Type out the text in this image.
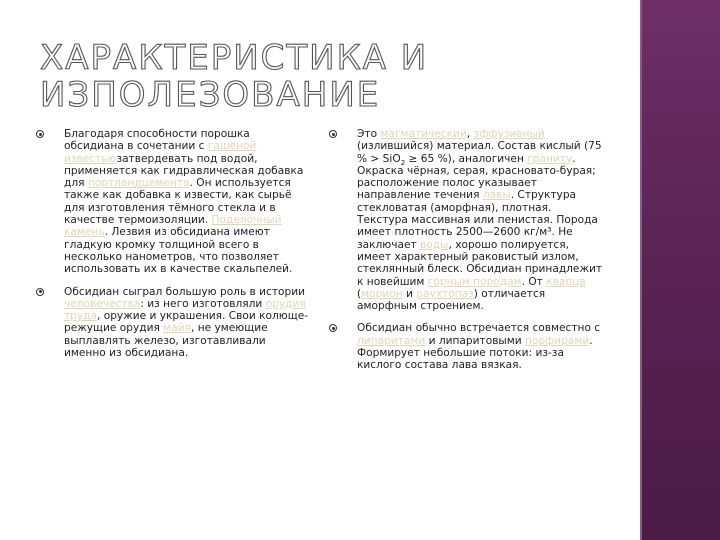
ХАРАКТЕРИСТИКА И
ИЗПОЛЕЗОВАНИЕ
Благодаря способности порошка обсидиана в сочетании с гашеной известьюзатвердевать под водой, применяется как гидравлическая добавка для портландцемента. Он используется также как добавка к извести, как сырьё для изготовления тёмного стекла и в качестве термоизоляции. Поделочный камень. Лезвия из обсидиана имеют гладкую кромку толщиной всего в несколько нанометров, что позволяет использовать их в качестве скальпелей.
Обсидиан сыграл большую роль в истории человечества: из него изготовляли орудия труда, оружие и украшения. Свои колюще-режущие орудия майя, не умеющие выплавлять железо, изготавливали именно из обсидиана.
Это магматический, эффузивный (излившийся) материал. Состав кислый (75 % > SiO$_2$ ≥ 65 %), аналогичен граниту. Окраска чёрная, серая, красновато-бурая; расположение полос указывает направление течения лавы. Структура стекловатая (аморфная), плотная. Текстура массивная или пенистая. Порода имеет плотность 2500—2600 кг/м³. Не заключает воды, хорошо полируется, имеет характерный раковистый излом, стеклянный блеск. Обсидиан принадлежит к новейшим горным породам. От кварца (морион и раухтопаз) отличается аморфным строением.
Обсидиан обычно встречается совместно с липаритами и липаритовыми порфирами. Формирует небольшие потоки: из-за кислого состава лава вязкая.
